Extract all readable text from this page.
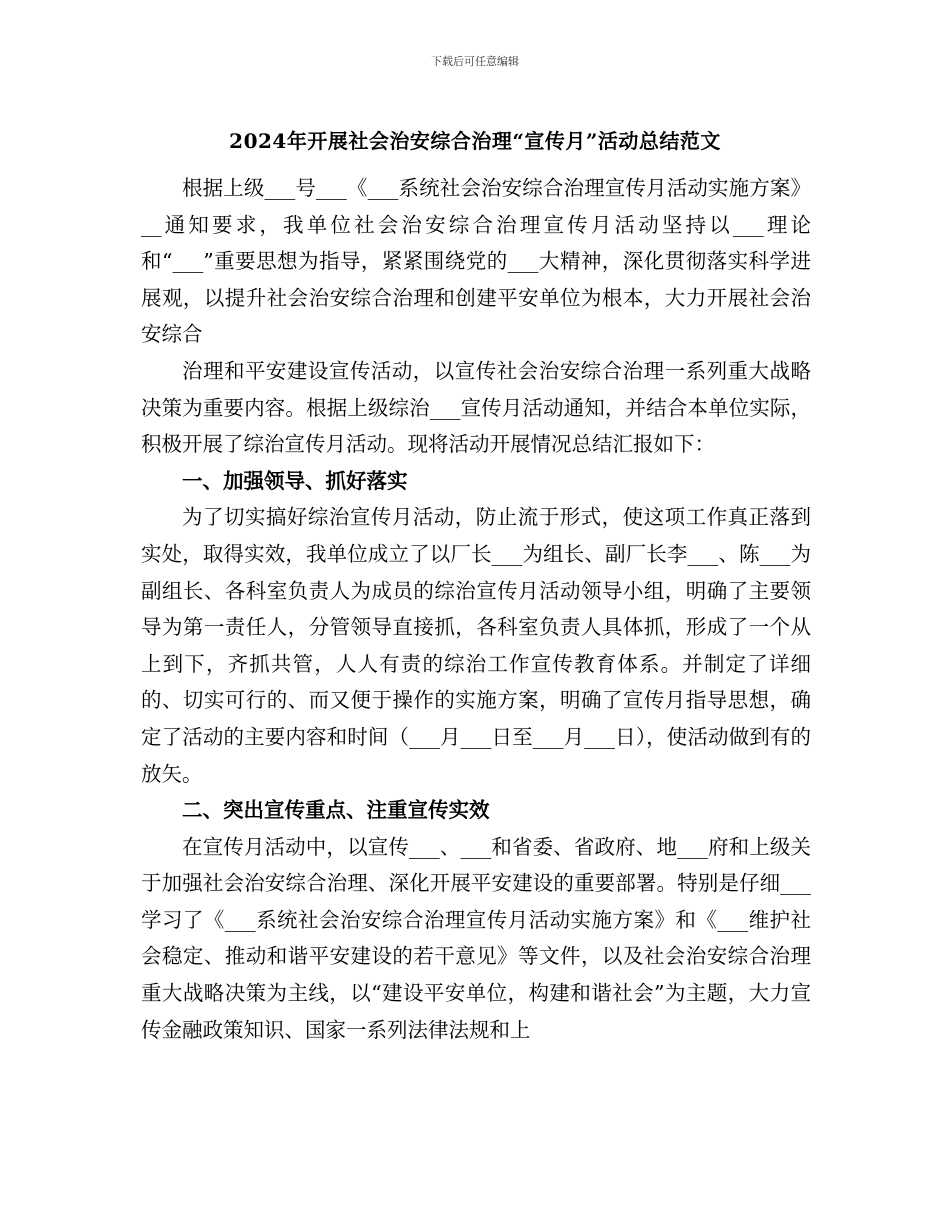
下载后可任意编辑
2024年开展社会治安综合治理“宣传月”活动总结范文

根据上级___号___《___系统社会治安综合治理宣传月活动实施方案》__通知要求，我单位社会治安综合治理宣传月活动坚持以___理论和“___”重要思想为指导，紧紧围绕党的___大精神，深化贯彻落实科学进展观，以提升社会治安综合治理和创建平安单位为根本，大力开展社会治安综合

治理和平安建设宣传活动，以宣传社会治安综合治理一系列重大战略决策为重要内容。根据上级综治___宣传月活动通知，并结合本单位实际，积极开展了综治宣传月活动。现将活动开展情况总结汇报如下：

一、加强领导、抓好落实

为了切实搞好综治宣传月活动，防止流于形式，使这项工作真正落到实处，取得实效，我单位成立了以厂长___为组长、副厂长李___、陈___为副组长、各科室负责人为成员的综治宣传月活动领导小组，明确了主要领导为第一责任人，分管领导直接抓，各科室负责人具体抓，形成了一个从上到下，齐抓共管，人人有责的综治工作宣传教育体系。并制定了详细的、切实可行的、而又便于操作的实施方案，明确了宣传月指导思想，确定了活动的主要内容和时间（___月___日至___月___日），使活动做到有的放矢。

二、突出宣传重点、注重宣传实效

在宣传月活动中，以宣传___、___和省委、省政府、地___府和上级关于加强社会治安综合治理、深化开展平安建设的重要部署。特别是仔细___学习了《___系统社会治安综合治理宣传月活动实施方案》和《___维护社会稳定、推动和谐平安建设的若干意见》等文件，以及社会治安综合治理重大战略决策为主线，以“建设平安单位，构建和谐社会”为主题，大力宣传金融政策知识、国家一系列法律法规和上
